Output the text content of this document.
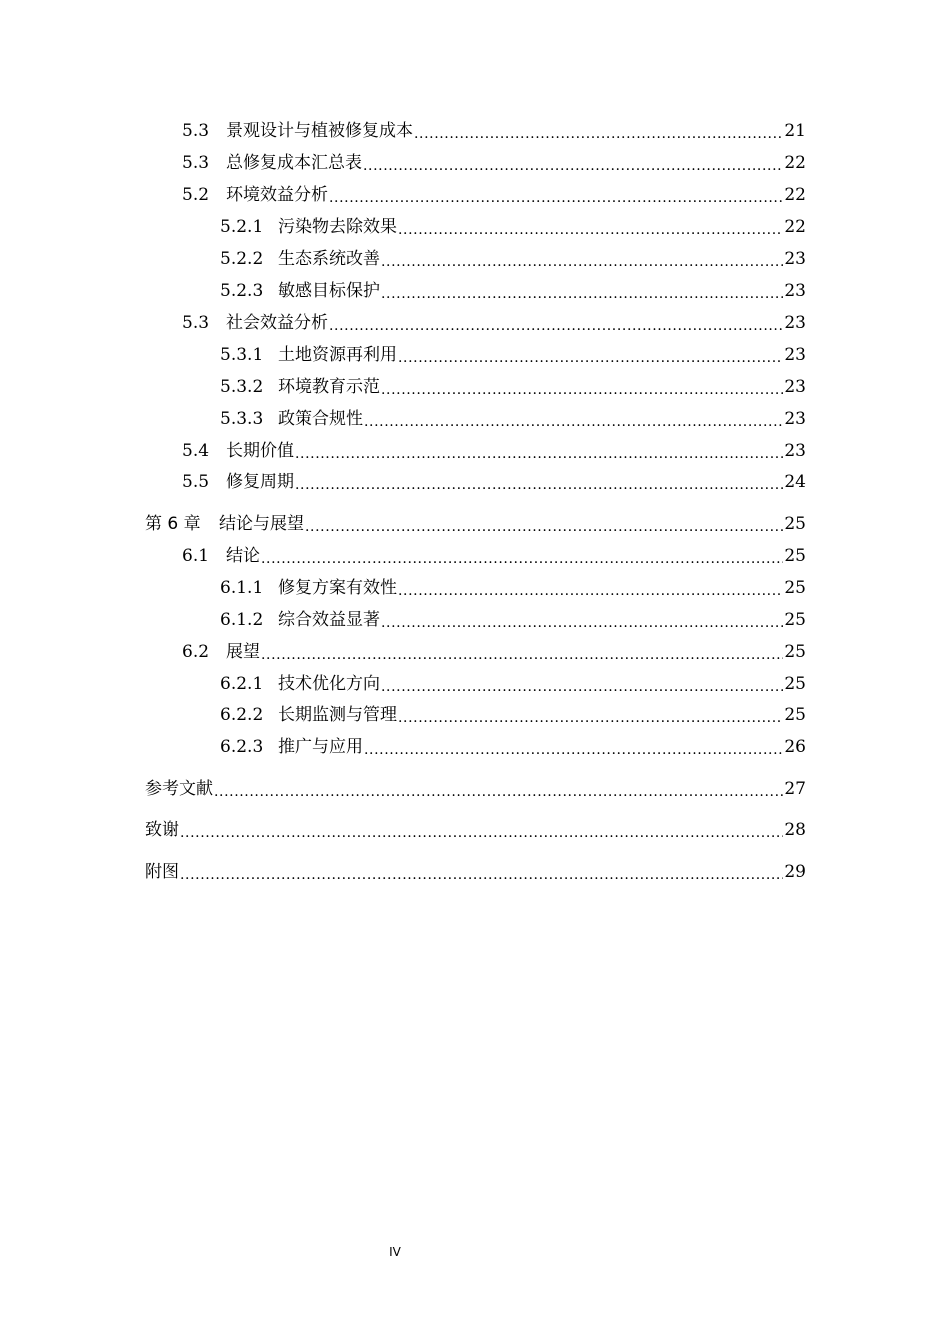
5.3 景观设计与植被修复成本 .....	21
5.3 总修复成本汇总表 .....	22
5.2 环境效益分析 .....	22
5.2.1 污染物去除效果 .....	22
5.2.2 生态系统改善 .....	23
5.2.3 敏感目标保护 .....	23
5.3 社会效益分析 .....	23
5.3.1 土地资源再利用 .....	23
5.3.2 环境教育示范 .....	23
5.3.3 政策合规性 .....	23
5.4 长期价值 .....	23
5.5 修复周期 .....	24
第 6 章	结论与展望 .....	25
6.1 结论 .....	25
6.1.1 修复方案有效性 .....	25
6.1.2 综合效益显著 .....	25
6.2 展望 .....	25
6.2.1 技术优化方向 .....	25
6.2.2 长期监测与管理 .....	25
6.2.3 推广与应用 .....	26
参考文献 .....	27
致谢 .....	28
附图 .....	29
IV
